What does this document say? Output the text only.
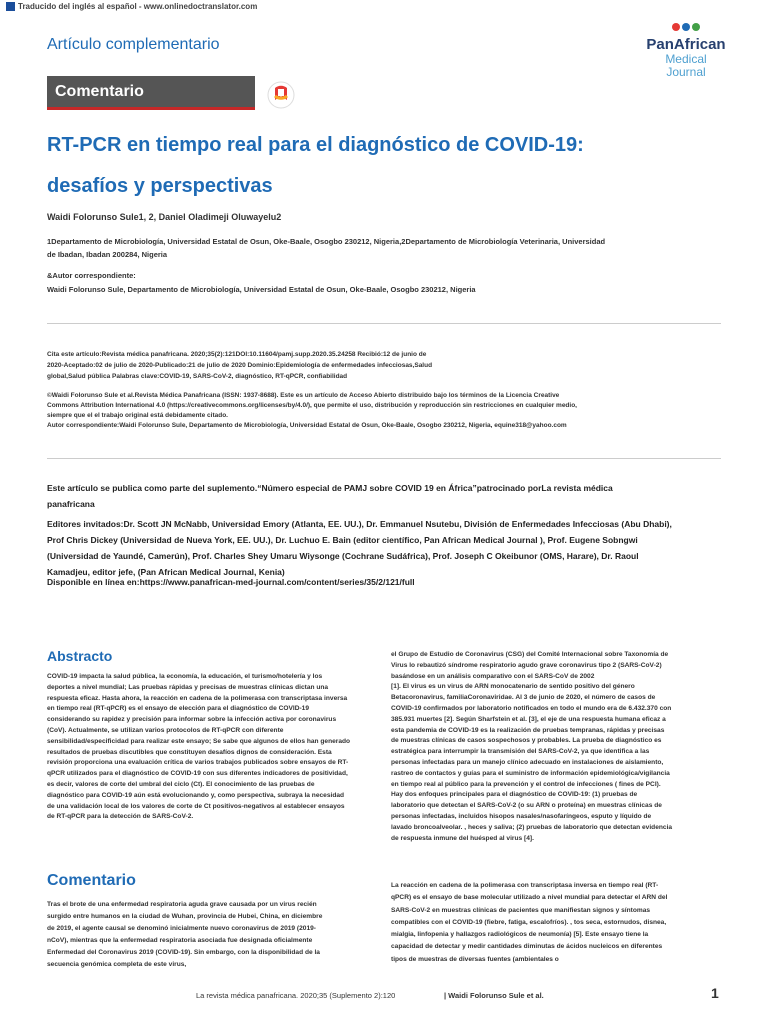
Traducido del inglés al español - www.onlinedoctranslator.com
Artículo complementario	PanAfrican
Medical
Journal
Comentario
RT-PCR en tiempo real para el diagnóstico de COVID-19:
desafíos y perspectivas
Waidi Folorunso Sule1, 2, Daniel Oladimeji Oluwayelu2
1Departamento de Microbiología, Universidad Estatal de Osun, Oke-Baale, Osogbo 230212, Nigeria,2Departamento de Microbiología Veterinaria, Universidad
de Ibadan, Ibadan 200284, Nigeria
&Autor correspondiente:
Waidi Folorunso Sule, Departamento de Microbiología, Universidad Estatal de Osun, Oke-Baale, Osogbo 230212, Nigeria
Cita este artículo:Revista médica panafricana. 2020;35(2):121DOI:10.11604/pamj.supp.2020.35.24258 Recibió:12 de junio de
2020-Aceptado:02 de julio de 2020-Publicado:21 de julio de 2020 Dominio:Epidemiología de enfermedades infecciosas,Salud
global,Salud pública Palabras clave:COVID-19, SARS-CoV-2, diagnóstico, RT-qPCR, confiabilidad
©Waidi Folorunso Sule et al.Revista Médica Panafricana (ISSN: 1937-8688). Este es un artículo de Acceso Abierto distribuido bajo los términos de la Licencia Creative
Commons Attribution International 4.0 (https://creativecommons.org/licenses/by/4.0/), que permite el uso, distribución y reproducción sin restricciones en cualquier medio,
siempre que el el trabajo original está debidamente citado.
Autor correspondiente:Waidi Folorunso Sule, Departamento de Microbiología, Universidad Estatal de Osun, Oke-Baale, Osogbo 230212, Nigeria, equine318@yahoo.com
Este artículo se publica como parte del suplemento.“Número especial de PAMJ sobre COVID 19 en África”patrocinado porLa revista médica
panafricana
Editores invitados:Dr. Scott JN McNabb, Universidad Emory (Atlanta, EE. UU.), Dr. Emmanuel Nsutebu, División de Enfermedades Infecciosas (Abu Dhabi),
Prof Chris Dickey (Universidad de Nueva York, EE. UU.), Dr. Luchuo E. Bain (editor científico, Pan African Medical Journal ), Prof. Eugene Sobngwi
(Universidad de Yaundé, Camerún), Prof. Charles Shey Umaru Wiysonge (Cochrane Sudáfrica), Prof. Joseph C Okeibunor (OMS, Harare), Dr. Raoul
Kamadjeu, editor jefe, (Pan African Medical Journal, Kenia)
Disponible en línea en:https://www.panafrican-med-journal.com/content/series/35/2/121/full
Abstracto
COVID-19 impacta la salud pública, la economía, la educación, el turismo/hotelería y los
deportes a nivel mundial; Las pruebas rápidas y precisas de muestras clínicas dictan una
respuesta eficaz. Hasta ahora, la reacción en cadena de la polimerasa con transcriptasa inversa
en tiempo real (RT-qPCR) es el ensayo de elección para el diagnóstico de COVID-19
considerando su rapidez y precisión para informar sobre la infección activa por coronavirus
(CoV). Actualmente, se utilizan varios protocolos de RT-qPCR con diferente
sensibilidad/especificidad para realizar este ensayo; Se sabe que algunos de ellos han generado
resultados de pruebas discutibles que constituyen desafíos dignos de consideración. Esta
revisión proporciona una evaluación crítica de varios trabajos publicados sobre ensayos de RT-
qPCR utilizados para el diagnóstico de COVID-19 con sus diferentes indicadores de positividad,
es decir, valores de corte del umbral del ciclo (Ct). El conocimiento de las pruebas de
diagnóstico para COVID-19 aún está evolucionando y, como perspectiva, subraya la necesidad
de una validación local de los valores de corte de Ct positivos-negativos al establecer ensayos
de RT-qPCR para la detección de SARS-CoV-2.
Comentario
Tras el brote de una enfermedad respiratoria aguda grave causada por un virus recién
surgido entre humanos en la ciudad de Wuhan, provincia de Hubei, China, en diciembre
de 2019, el agente causal se denominó inicialmente nuevo coronavirus de 2019 (2019-
nCoV), mientras que la enfermedad respiratoria asociada fue designada oficialmente
Enfermedad del Coronavirus 2019 (COVID-19). Sin embargo, con la disponibilidad de la
secuencia genómica completa de este virus,
el Grupo de Estudio de Coronavirus (CSG) del Comité Internacional sobre Taxonomía de
Virus lo rebautizó síndrome respiratorio agudo grave coronavirus tipo 2 (SARS-CoV-2)
basándose en un análisis comparativo con el SARS-CoV de 2002
[1]. El virus es un virus de ARN monocatenario de sentido positivo del género
Betacoronavirus, familiaCoronaviridae. Al 3 de junio de 2020, el número de casos de
COVID-19 confirmados por laboratorio notificados en todo el mundo era de 6.432.370 con
385.931 muertes [2]. Según Sharfstein et al. [3], el eje de una respuesta humana eficaz a
esta pandemia de COVID-19 es la realización de pruebas tempranas, rápidas y precisas
de muestras clínicas de casos sospechosos y probables. La prueba de diagnóstico es
estratégica para interrumpir la transmisión del SARS-CoV-2, ya que identifica a las
personas infectadas para un manejo clínico adecuado en instalaciones de aislamiento,
rastreo de contactos y guías para el suministro de información epidemiológica/vigilancia
en tiempo real al público para la prevención y el control de infecciones ( fines de PCI).
Hay dos enfoques principales para el diagnóstico de COVID-19: (1) pruebas de
laboratorio que detectan el SARS-CoV-2 (o su ARN o proteína) en muestras clínicas de
personas infectadas, incluidos hisopos nasales/nasofaríngeos, esputo y líquido de
lavado broncoalveolar. , heces y saliva; (2) pruebas de laboratorio que detectan evidencia
de respuesta inmune del huésped al virus [4].
La reacción en cadena de la polimerasa con transcriptasa inversa en tiempo real (RT-
qPCR) es el ensayo de base molecular utilizado a nivel mundial para detectar el ARN del
SARS-CoV-2 en muestras clínicas de pacientes que manifiestan signos y síntomas
compatibles con el COVID-19 (fiebre, fatiga, escalofríos). , tos seca, estornudos, disnea,
mialgia, linfopenia y hallazgos radiológicos de neumonía) [5]. Este ensayo tiene la
capacidad de detectar y medir cantidades diminutas de ácidos nucleicos en diferentes
tipos de muestras de diversas fuentes (ambientales o
La revista médica panafricana. 2020;35 (Suplemento 2):120	| Waidi Folorunso Sule et al.	1
